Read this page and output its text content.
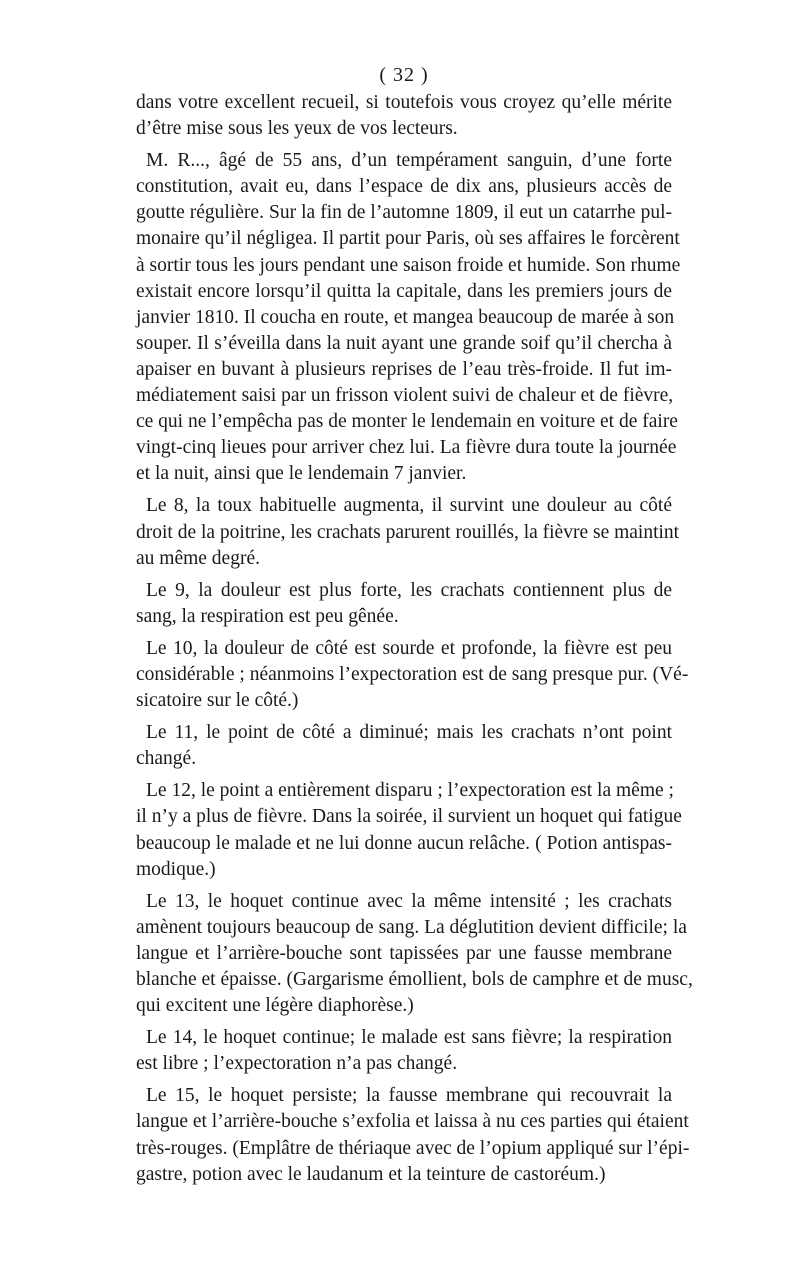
( 32 )
dans votre excellent recueil, si toutefois vous croyez qu’elle mérite
d’être mise sous les yeux de vos lecteurs.
M. R..., âgé de 55 ans, d’un tempérament sanguin, d’une forte
constitution, avait eu, dans l’espace de dix ans, plusieurs accès de
goutte régulière. Sur la fin de l’automne 1809, il eut un catarrhe pul-
monaire qu’il négligea. Il partit pour Paris, où ses affaires le forcèrent
à sortir tous les jours pendant une saison froide et humide. Son rhume
existait encore lorsqu’il quitta la capitale, dans les premiers jours de
janvier 1810. Il coucha en route, et mangea beaucoup de marée à son
souper. Il s’éveilla dans la nuit ayant une grande soif qu’il chercha à
apaiser en buvant à plusieurs reprises de l’eau très-froide. Il fut im-
médiatement saisi par un frisson violent suivi de chaleur et de fièvre,
ce qui ne l’empêcha pas de monter le lendemain en voiture et de faire
vingt-cinq lieues pour arriver chez lui. La fièvre dura toute la journée
et la nuit, ainsi que le lendemain 7 janvier.
Le 8, la toux habituelle augmenta, il survint une douleur au côté
droit de la poitrine, les crachats parurent rouillés, la fièvre se maintint
au même degré.
Le 9, la douleur est plus forte, les crachats contiennent plus de
sang, la respiration est peu gênée.
Le 10, la douleur de côté est sourde et profonde, la fièvre est peu
considérable ; néanmoins l’expectoration est de sang presque pur. (Vé-
sicatoire sur le côté.)
Le 11, le point de côté a diminué; mais les crachats n’ont point
changé.
Le 12, le point a entièrement disparu ; l’expectoration est la même ;
il n’y a plus de fièvre. Dans la soirée, il survient un hoquet qui fatigue
beaucoup le malade et ne lui donne aucun relâche. ( Potion antispas-
modique.)
Le 13, le hoquet continue avec la même intensité ; les crachats
amènent toujours beaucoup de sang. La déglutition devient difficile; la
langue et l’arrière-bouche sont tapissées par une fausse membrane
blanche et épaisse. (Gargarisme émollient, bols de camphre et de musc,
qui excitent une légère diaphorèse.)
Le 14, le hoquet continue; le malade est sans fièvre; la respiration
est libre ; l’expectoration n’a pas changé.
Le 15, le hoquet persiste; la fausse membrane qui recouvrait la
langue et l’arrière-bouche s’exfolia et laissa à nu ces parties qui étaient
très-rouges. (Emplâtre de thériaque avec de l’opium appliqué sur l’épi-
gastre, potion avec le laudanum et la teinture de castoréum.)
